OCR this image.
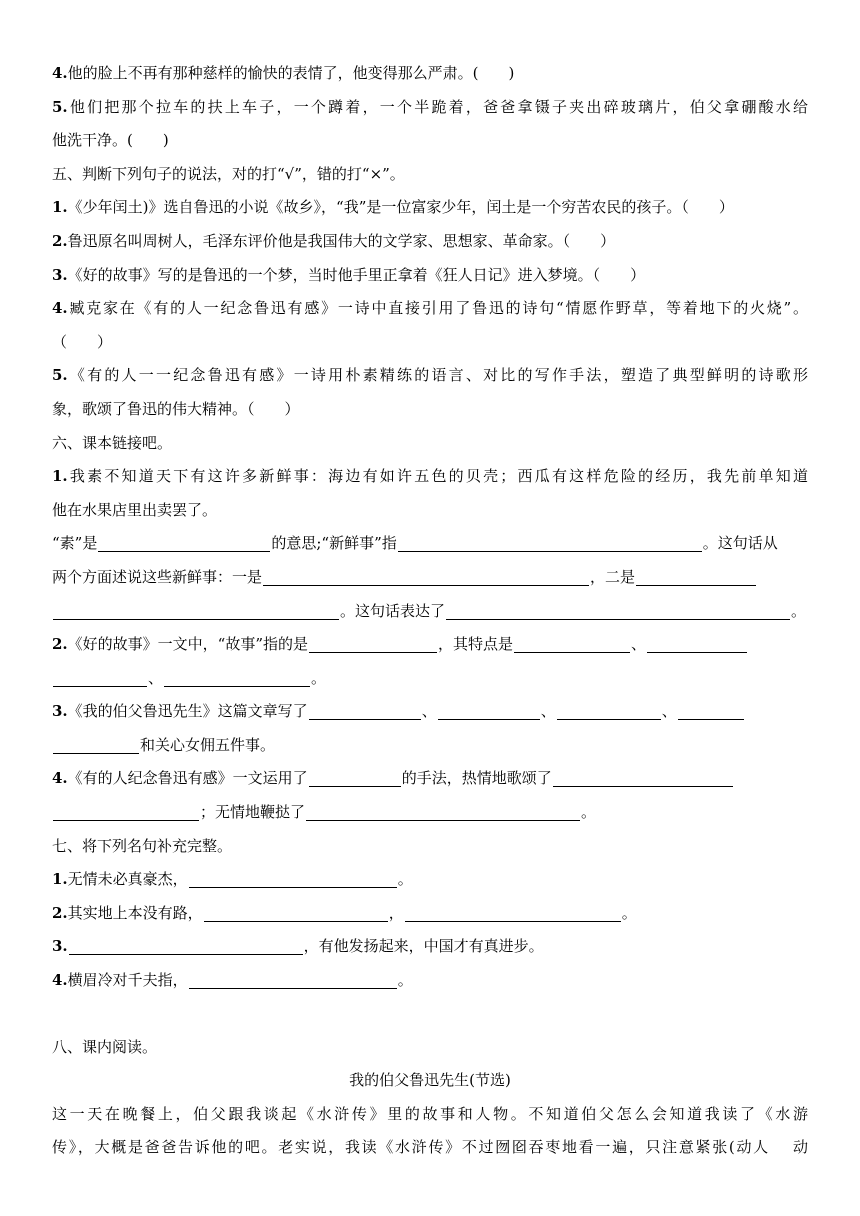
4.他的脸上不再有那种慈样的愉快的表情了，他变得那么严肃。(　　)
5.他们把那个拉车的扶上车子，一个蹲着，一个半跪着，爸爸拿镊子夹出碎玻璃片，伯父拿硼酸水给
他洗干净。(　　)
五、判断下列句子的说法，对的打“√”，错的打“×”。
1.《少年闰土)》选自鲁迅的小说《故乡》，“我”是一位富家少年，闰土是一个穷苦农民的孩子。（　　）
2.鲁迅原名叫周树人，毛泽东评价他是我国伟大的文学家、思想家、革命家。（　　）
3.《好的故事》写的是鲁迅的一个梦，当时他手里正拿着《狂人日记》进入梦境。（　　）
4.臧克家在《有的人一纪念鲁迅有感》一诗中直接引用了鲁迅的诗句“情愿作野草，等着地下的火烧”。
（　　）
5.《有的人一一纪念鲁迅有感》一诗用朴素精练的语言、对比的写作手法，塑造了典型鲜明的诗歌形
象，歌颂了鲁迅的伟大精神。（　　）
六、课本链接吧。
1.我素不知道天下有这许多新鲜事：海边有如许五色的贝壳；西瓜有这样危险的经历，我先前单知道
他在水果店里出卖罢了。
“素”是	的意思;“新鲜事”指	。这句话从
两个方面述说这些新鲜事：一是	，二是
。这句话表达了	。
2.《好的故事》一文中，“故事”指的是	，其特点是	、
、	。
3.《我的伯父鲁迅先生》这篇文章写了	、	、	、
和关心女佣五件事。
4.《有的人纪念鲁迅有感》一文运用了	的手法，热情地歌颂了
；无情地鞭挞了	。
七、将下列名句补充完整。
1.无情未必真豪杰，	。
2.其实地上本没有路，	，	。
3.	，有他发扬起来，中国才有真进步。
4.横眉冷对千夫指，	。
八、课内阅读。
我的伯父鲁迅先生(节选)
这一天在晚餐上，伯父跟我谈起《水浒传》里的故事和人物。不知道伯父怎么会知道我读了《水游
传》，大概是爸爸告诉他的吧。老实说，我读《水浒传》不过囫囵吞枣地看一遍，只注意紧张(动人　 动
